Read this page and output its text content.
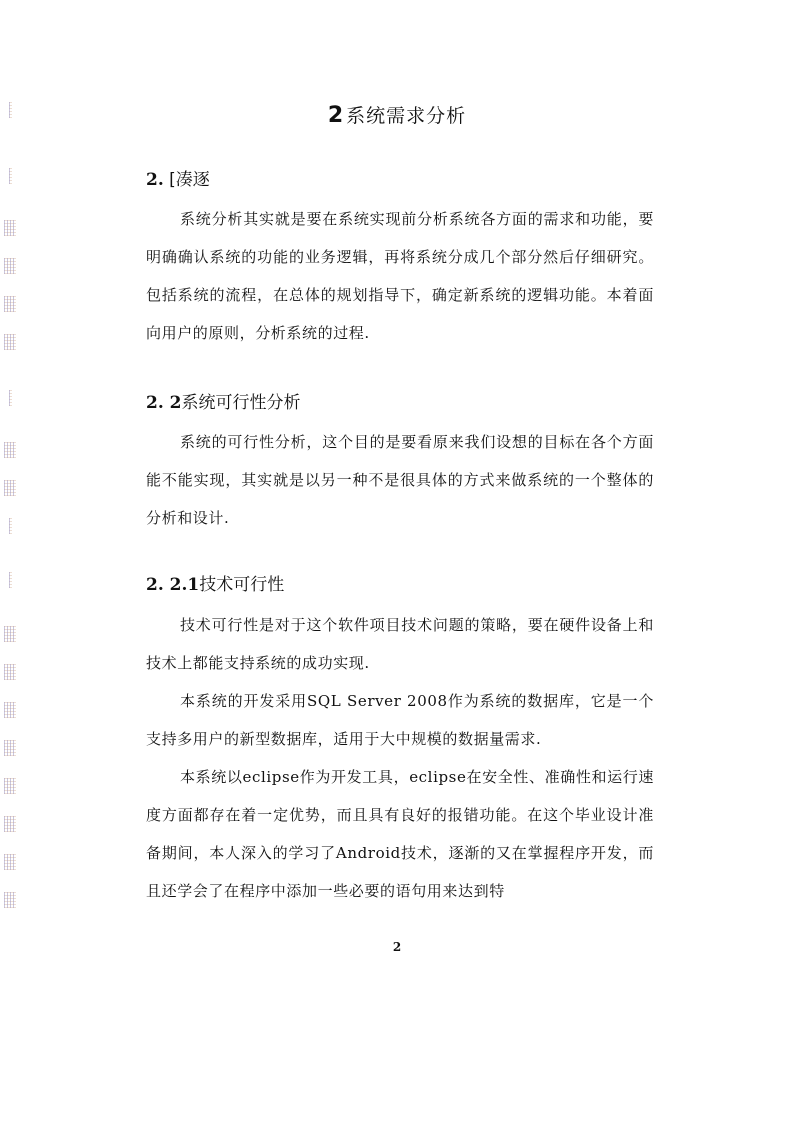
2 系统需求分析
2. [凑逐

系统分析其实就是要在系统实现前分析系统各方面的需求和功能，要明确确认系统的功能的业务逻辑，再将系统分成几个部分然后仔细研究。包括系统的流程，在总体的规划指导下，确定新系统的逻辑功能。本着面向用户的原则，分析系统的过程.

2. 2系统可行性分析

系统的可行性分析，这个目的是要看原来我们设想的目标在各个方面能不能实现，其实就是以另一种不是很具体的方式来做系统的一个整体的分析和设计.

2. 2.1技术可行性

技术可行性是对于这个软件项目技术问题的策略，要在硬件设备上和技术上都能支持系统的成功实现.

本系统的开发采用SQL Server 2008作为系统的数据库，它是一个支持多用户的新型数据库，适用于大中规模的数据量需求.

本系统以eclipse作为开发工具，eclipse在安全性、准确性和运行速度方面都存在着一定优势，而且具有良好的报错功能。在这个毕业设计准备期间，本人深入的学习了Android技术，逐渐的又在掌握程序开发，而且还学会了在程序中添加一些必要的语句用来达到特

2
